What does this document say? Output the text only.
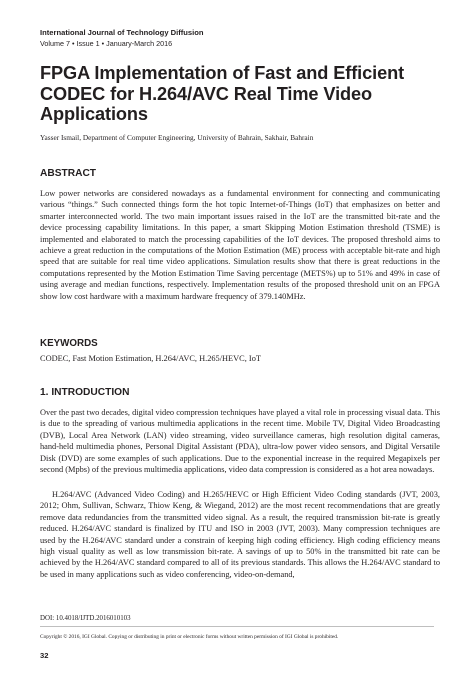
International Journal of Technology Diffusion
Volume 7 • Issue 1 • January-March 2016
FPGA Implementation of Fast and Efficient CODEC for H.264/AVC Real Time Video Applications
Yasser Ismail, Department of Computer Engineering, University of Bahrain, Sakhair, Bahrain
ABSTRACT
Low power networks are considered nowadays as a fundamental environment for connecting and communicating various “things.” Such connected things form the hot topic Internet-of-Things (IoT) that emphasizes on better and smarter interconnected world. The two main important issues raised in the IoT are the transmitted bit-rate and the device processing capability limitations. In this paper, a smart Skipping Motion Estimation threshold (TSME) is implemented and elaborated to match the processing capabilities of the IoT devices. The proposed threshold aims to achieve a great reduction in the computations of the Motion Estimation (ME) process with acceptable bit-rate and high speed that are suitable for real time video applications. Simulation results show that there is great reductions in the computations represented by the Motion Estimation Time Saving percentage (METS%) up to 51% and 49% in case of using average and median functions, respectively. Implementation results of the proposed threshold unit on an FPGA show low cost hardware with a maximum hardware frequency of 379.140MHz.
KEYWORDS
CODEC, Fast Motion Estimation, H.264/AVC, H.265/HEVC, IoT
1. INTRODUCTION
Over the past two decades, digital video compression techniques have played a vital role in processing visual data. This is due to the spreading of various multimedia applications in the recent time. Mobile TV, Digital Video Broadcasting (DVB), Local Area Network (LAN) video streaming, video surveillance cameras, high resolution digital cameras, hand-held multimedia phones, Personal Digital Assistant (PDA), ultra-low power video sensors, and Digital Versatile Disk (DVD) are some examples of such applications. Due to the exponential increase in the required Megapixels per second (Mpbs) of the previous multimedia applications, video data compression is considered as a hot area nowadays.
H.264/AVC (Advanced Video Coding) and H.265/HEVC or High Efficient Video Coding standards (JVT, 2003, 2012; Ohm, Sullivan, Schwarz, Thiow Keng, & Wiegand, 2012) are the most recent recommendations that are greatly remove data redundancies from the transmitted video signal. As a result, the required transmission bit-rate is greatly reduced. H.264/AVC standard is finalized by ITU and ISO in 2003 (JVT, 2003). Many compression techniques are used by the H.264/AVC standard under a constrain of keeping high coding efficiency. High coding efficiency means high visual quality as well as low transmission bit-rate. A savings of up to 50% in the transmitted bit rate can be achieved by the H.264/AVC standard compared to all of its previous standards. This allows the H.264/AVC standard to be used in many applications such as video conferencing, video-on-demand,
DOI: 10.4018/IJTD.2016010103
Copyright © 2016, IGI Global. Copying or distributing in print or electronic forms without written permission of IGI Global is prohibited.
32
